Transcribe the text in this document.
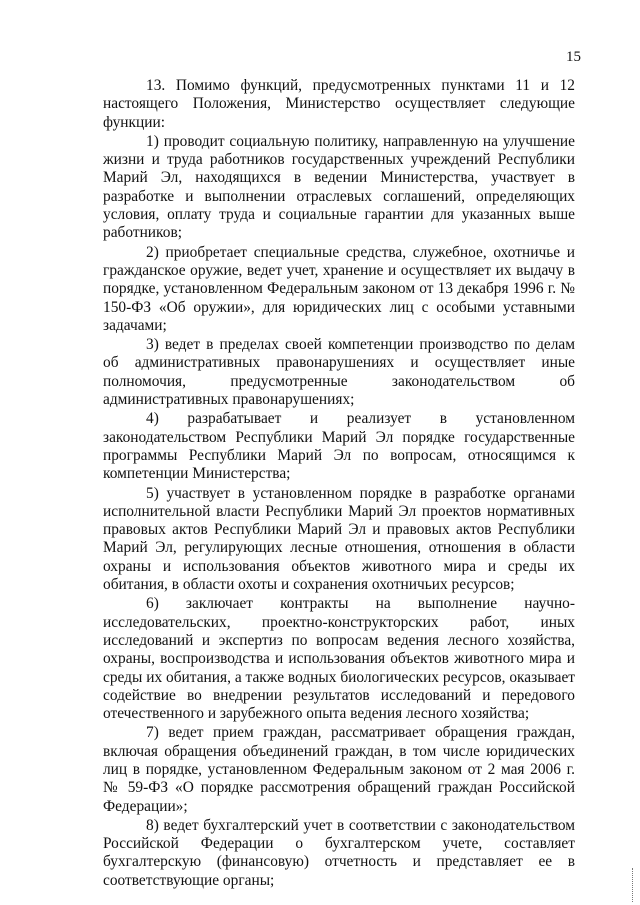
15

13. Помимо функций, предусмотренных пунктами 11 и 12 настоящего Положения, Министерство осуществляет следующие функции:

1) проводит социальную политику, направленную на улучшение жизни и труда работников государственных учреждений Республики Марий Эл, находящихся в ведении Министерства, участвует в разработке и выполнении отраслевых соглашений, определяющих условия, оплату труда и социальные гарантии для указанных выше работников;

2) приобретает специальные средства, служебное, охотничье и гражданское оружие, ведет учет, хранение и осуществляет их выдачу в порядке, установленном Федеральным законом от 13 декабря 1996 г. № 150-ФЗ «Об оружии», для юридических лиц с особыми уставными задачами;

3) ведет в пределах своей компетенции производство по делам об административных правонарушениях и осуществляет иные полномочия, предусмотренные законодательством об административных правонарушениях;

4) разрабатывает и реализует в установленном законодательством Республики Марий Эл порядке государственные программы Республики Марий Эл по вопросам, относящимся к компетенции Министерства;

5) участвует в установленном порядке в разработке органами исполнительной власти Республики Марий Эл проектов нормативных правовых актов Республики Марий Эл и правовых актов Республики Марий Эл, регулирующих лесные отношения, отношения в области охраны и использования объектов животного мира и среды их обитания, в области охоты и сохранения охотничьих ресурсов;

6) заключает контракты на выполнение научно-исследовательских, проектно-конструкторских работ, иных исследований и экспертиз по вопросам ведения лесного хозяйства, охраны, воспроизводства и использования объектов животного мира и среды их обитания, а также водных биологических ресурсов, оказывает содействие во внедрении результатов исследований и передового отечественного и зарубежного опыта ведения лесного хозяйства;

7) ведет прием граждан, рассматривает обращения граждан, включая обращения объединений граждан, в том числе юридических лиц в порядке, установленном Федеральным законом от 2 мая 2006 г. № 59-ФЗ «О порядке рассмотрения обращений граждан Российской Федерации»;

8) ведет бухгалтерский учет в соответствии с законодательством Российской Федерации о бухгалтерском учете, составляет бухгалтерскую (финансовую) отчетность и представляет ее в соответствующие органы;
